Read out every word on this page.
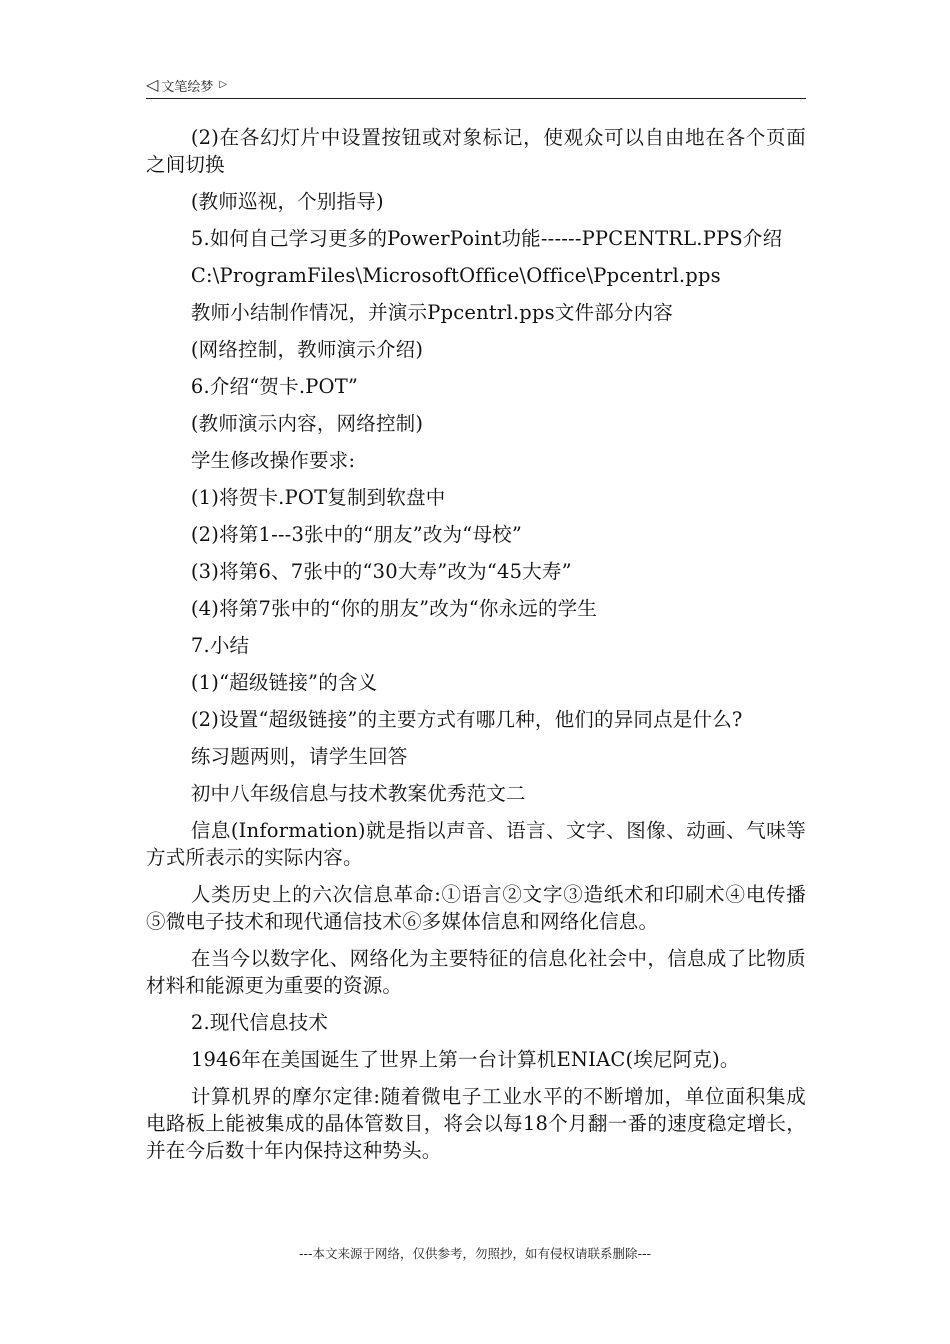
◁ 文笔绘梦 ▷

(2)在各幻灯片中设置按钮或对象标记，使观众可以自由地在各个页面之间切换

(教师巡视，个别指导)

5.如何自己学习更多的PowerPoint功能------PPCENTRL.PPS介绍

C:\ProgramFiles\MicrosoftOffice\Office\Ppcentrl.pps

教师小结制作情况，并演示Ppcentrl.pps文件部分内容

(网络控制，教师演示介绍)

6.介绍“贺卡.POT”

(教师演示内容，网络控制)

学生修改操作要求:

(1)将贺卡.POT复制到软盘中

(2)将第1---3张中的“朋友”改为“母校”

(3)将第6、7张中的“30大寿”改为“45大寿”

(4)将第7张中的“你的朋友”改为“你永远的学生

7.小结

(1)“超级链接”的含义

(2)设置“超级链接”的主要方式有哪几种，他们的异同点是什么?

练习题两则，请学生回答

初中八年级信息与技术教案优秀范文二

信息(Information)就是指以声音、语言、文字、图像、动画、气味等方式所表示的实际内容。

人类历史上的六次信息革命:①语言②文字③造纸术和印刷术④电传播⑤微电子技术和现代通信技术⑥多媒体信息和网络化信息。

在当今以数字化、网络化为主要特征的信息化社会中，信息成了比物质材料和能源更为重要的资源。

2.现代信息技术

1946年在美国诞生了世界上第一台计算机ENIAC(埃尼阿克)。

计算机界的摩尔定律:随着微电子工业水平的不断增加，单位面积集成电路板上能被集成的晶体管数目，将会以每18个月翻一番的速度稳定增长，并在今后数十年内保持这种势头。

---本文来源于网络，仅供参考，勿照抄，如有侵权请联系删除---
